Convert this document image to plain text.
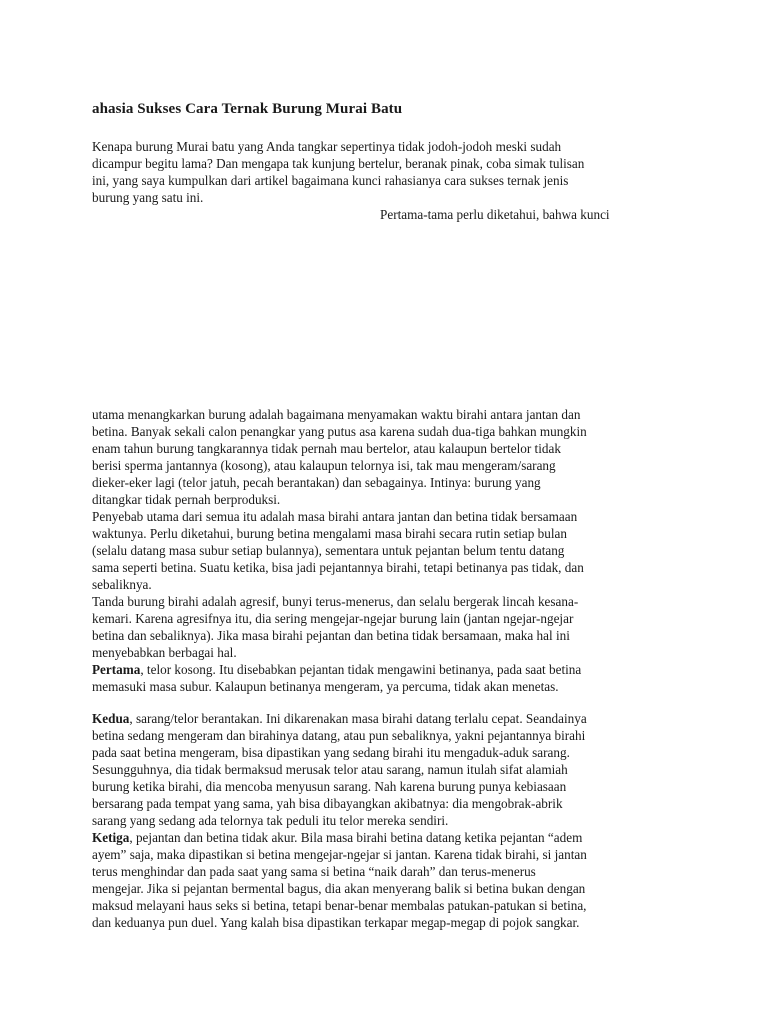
ahasia Sukses Cara Ternak Burung Murai Batu
Kenapa burung Murai batu yang Anda tangkar sepertinya tidak jodoh-jodoh meski sudah
dicampur begitu lama? Dan mengapa tak kunjung bertelur, beranak pinak, coba simak tulisan
ini, yang saya kumpulkan dari artikel bagaimana kunci rahasianya cara sukses ternak jenis
burung yang satu ini.
Pertama-tama perlu diketahui, bahwa kunci
utama menangkarkan burung adalah bagaimana menyamakan waktu birahi antara jantan dan
betina. Banyak sekali calon penangkar yang putus asa karena sudah dua-tiga bahkan mungkin
enam tahun burung tangkarannya tidak pernah mau bertelor, atau kalaupun bertelor tidak
berisi sperma jantannya (kosong), atau kalaupun telornya isi, tak mau mengeram/sarang
dieker-eker lagi (telor jatuh, pecah berantakan) dan sebagainya. Intinya: burung yang
ditangkar tidak pernah berproduksi.
Penyebab utama dari semua itu adalah masa birahi antara jantan dan betina tidak bersamaan
waktunya. Perlu diketahui, burung betina mengalami masa birahi secara rutin setiap bulan
(selalu datang masa subur setiap bulannya), sementara untuk pejantan belum tentu datang
sama seperti betina. Suatu ketika, bisa jadi pejantannya birahi, tetapi betinanya pas tidak, dan
sebaliknya.
Tanda burung birahi adalah agresif, bunyi terus-menerus, dan selalu bergerak lincah kesana-
kemari. Karena agresifnya itu, dia sering mengejar-ngejar burung lain (jantan ngejar-ngejar
betina dan sebaliknya). Jika masa birahi pejantan dan betina tidak bersamaan, maka hal ini
menyebabkan berbagai hal.
Pertama, telor kosong. Itu disebabkan pejantan tidak mengawini betinanya, pada saat betina
memasuki masa subur. Kalaupun betinanya mengeram, ya percuma, tidak akan menetas.
Kedua, sarang/telor berantakan. Ini dikarenakan masa birahi datang terlalu cepat. Seandainya
betina sedang mengeram dan birahinya datang, atau pun sebaliknya, yakni pejantannya birahi
pada saat betina mengeram, bisa dipastikan yang sedang birahi itu mengaduk-aduk sarang.
Sesungguhnya, dia tidak bermaksud merusak telor atau sarang, namun itulah sifat alamiah
burung ketika birahi, dia mencoba menyusun sarang. Nah karena burung punya kebiasaan
bersarang pada tempat yang sama, yah bisa dibayangkan akibatnya: dia mengobrak-abrik
sarang yang sedang ada telornya tak peduli itu telor mereka sendiri.
Ketiga, pejantan dan betina tidak akur. Bila masa birahi betina datang ketika pejantan “adem
ayem” saja, maka dipastikan si betina mengejar-ngejar si jantan. Karena tidak birahi, si jantan
terus menghindar dan pada saat yang sama si betina “naik darah” dan terus-menerus
mengejar. Jika si pejantan bermental bagus, dia akan menyerang balik si betina bukan dengan
maksud melayani haus seks si betina, tetapi benar-benar membalas patukan-patukan si betina,
dan keduanya pun duel. Yang kalah bisa dipastikan terkapar megap-megap di pojok sangkar.
